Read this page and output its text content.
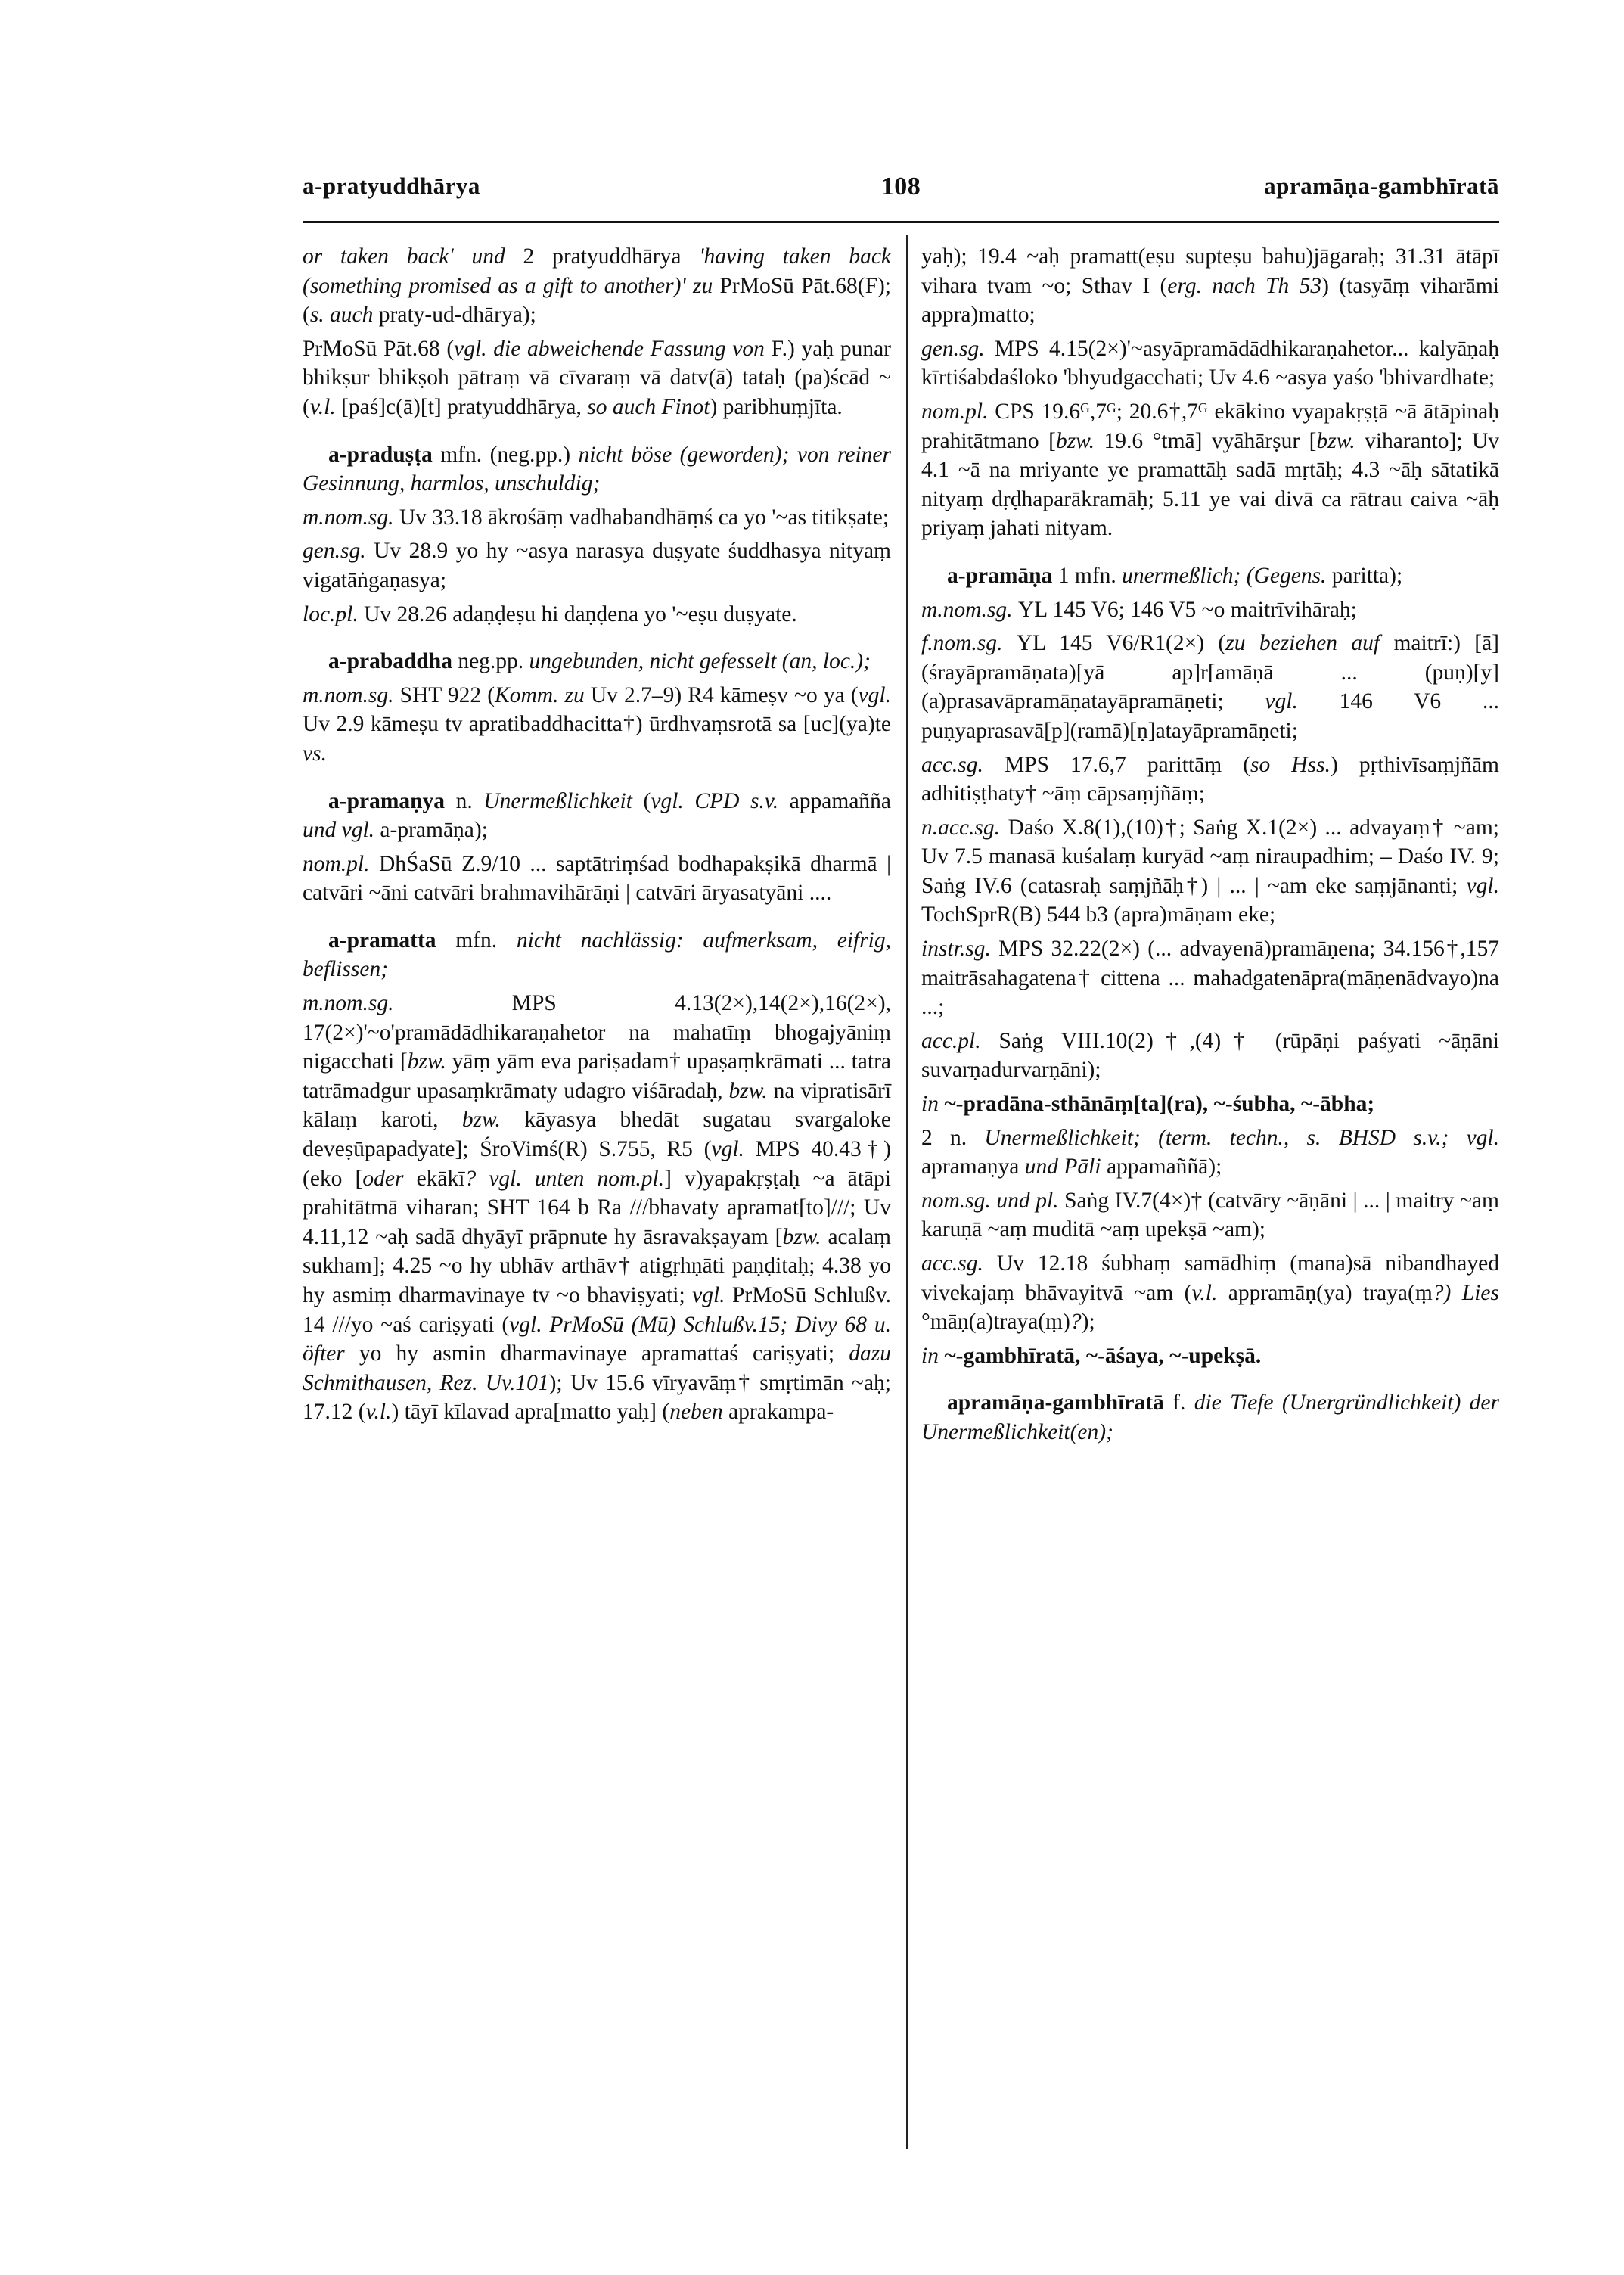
a-pratyuddhārya	108	apramāṇa-gambhīratā

or taken back' und 2 pratyuddhārya 'having taken back (something promised as a gift to another)' zu PrMoSū Pāt.68(F); (s. auch praty-ud-dhārya);

PrMoSū Pāt.68 (vgl. die abweichende Fassung von F.) yaḥ punar bhikṣur bhikṣoh pātraṃ vā cīvaraṃ vā datv(ā) tataḥ (pa)ścād ~ (v.l. [paś]c(ā)[t] pratyuddhārya, so auch Finot) paribhuṃjīta.

a-praduṣṭa mfn. (neg.pp.) nicht böse (geworden); von reiner Gesinnung, harmlos, unschuldig;

m.nom.sg. Uv 33.18 ākrośāṃ vadhabandhāṃś ca yo '~as titikṣate;

gen.sg. Uv 28.9 yo hy ~asya narasya duṣyate śuddhasya nityaṃ vigatāṅgaṇasya;

loc.pl. Uv 28.26 adaṇḍeṣu hi daṇḍena yo '~eṣu duṣyate.

a-prabaddha neg.pp. ungebunden, nicht gefesselt (an, loc.);

m.nom.sg. SHT 922 (Komm. zu Uv 2.7–9) R4 kāmeṣv ~o ya (vgl. Uv 2.9 kāmeṣu tv apratibaddhacitta†) ūrdhvaṃsrotā sa [uc](ya)te vs.

a-pramaṇya n. Unermeßlichkeit (vgl. CPD s.v. appamañña und vgl. a-pramāṇa);

nom.pl. DhŚaSū Z.9/10 ... saptātriṃśad bodhapakṣikā dharmā | catvāri ~āni catvāri brahmavihārāṇi | catvāri āryasatyāni ....

a-pramatta mfn. nicht nachlässig: aufmerksam, eifrig, beflissen;

m.nom.sg. MPS 4.13(2×),14(2×),16(2×), 17(2×)'~o'pramādādhikaraṇahetor na mahatīṃ bhogajyāniṃ nigacchati [bzw. yāṃ yām eva pariṣadam† upaṣaṃkrāmati ... tatra tatrāmadgur upasaṃkrāmaty udagro viśāradaḥ, bzw. na vipratisārī kālaṃ karoti, bzw. kāyasya bhedāt sugatau svargaloke deveṣūpapadyate]; ŚroVimś(R) S.755, R5 (vgl. MPS 40.43†) (eko [oder ekākī? vgl. unten nom.pl.] v)yapakṛṣṭaḥ ~a ātāpi prahitātmā viharan; SHT 164 b Ra ///bhavaty apramat[to]///; Uv 4.11,12 ~aḥ sadā dhyāyī prāpnute hy āsravakṣayam [bzw. acalaṃ sukham]; 4.25 ~o hy ubhāv arthāv† atigṛhṇāti paṇḍitaḥ; 4.38 yo hy asmiṃ dharmavinaye tv ~o bhaviṣyati; vgl. PrMoSū Schlußv. 14 ///yo ~aś cariṣyati (vgl. PrMoSū (Mū) Schlußv.15; Divy 68 u. öfter yo hy asmin dharmavinaye apramattaś cariṣyati; dazu Schmithausen, Rez. Uv.101); Uv 15.6 vīryavāṃ† smṛtimān ~aḥ; 17.12 (v.l.) tāyī kīlavad apra[matto yaḥ] (neben aprakampa-

yaḥ); 19.4 ~aḥ pramatt(eṣu supteṣu bahu)jāgaraḥ; 31.31 ātāpī vihara tvam ~o; Sthav I (erg. nach Th 53) (tasyāṃ viharāmi appra)matto;

gen.sg. MPS 4.15(2×)'~asyāpramādādhikaraṇahetor... kalyāṇaḥ kīrtiśabdaśloko 'bhyudgacchati; Uv 4.6 ~asya yaśo 'bhivardhate;

nom.pl. CPS 19.6ᴳ,7ᴳ; 20.6†,7ᴳ ekākino vyapakṛṣṭā ~ā ātāpinaḥ prahitātmano [bzw. 19.6 °tmā] vyāhārṣur [bzw. viharanto]; Uv 4.1 ~ā na mriyante ye pramattāḥ sadā mṛtāḥ; 4.3 ~āḥ sātatikā nityaṃ dṛḍhaparākramāḥ; 5.11 ye vai divā ca rātrau caiva ~āḥ priyaṃ jahati nityam.

a-pramāṇa 1 mfn. unermeßlich; (Gegens. paritta);

m.nom.sg. YL 145 V6; 146 V5 ~o maitrīvihāraḥ;

f.nom.sg. YL 145 V6/R1(2×) (zu beziehen auf maitrī:) [ā](śrayāpramāṇata)[yā ap]r[amāṇā ... (puṇ)[y](a)prasavāpramāṇatayāpramāṇeti; vgl. 146 V6 ... puṇyaprasavā[p](ramā)[ṇ]atayāpramāṇeti;

acc.sg. MPS 17.6,7 parittāṃ (so Hss.) pṛthivīsaṃjñām adhitiṣṭhaty† ~āṃ cāpsaṃjñāṃ;

n.acc.sg. Daśo X.8(1),(10)†; Saṅg X.1(2×) ... advayaṃ† ~am; Uv 7.5 manasā kuśalaṃ kuryād ~aṃ niraupadhim; – Daśo IV. 9; Saṅg IV.6 (catasraḥ saṃjñāḥ†) | ... | ~am eke saṃjānanti; vgl. TochSprR(B) 544 b3 (apra)māṇam eke;

instr.sg. MPS 32.22(2×) (... advayenā)pramāṇena; 34.156†,157 maitrāsahagatena† cittena ... mahadgatenāpra(māṇenādvayo)na ...;

acc.pl. Saṅg VIII.10(2)†,(4)† (rūpāṇi paśyati ~āṇāni suvarṇadurvarṇāni);

in ~-pradāna-sthānāṃ[ta](ra), ~-śubha, ~-ābha;

2 n. Unermeßlichkeit; (term. techn., s. BHSD s.v.; vgl. apramaṇya und Pāli appamaññā);

nom.sg. und pl. Saṅg IV.7(4×)† (catvāry ~āṇāni | ... | maitry ~aṃ karuṇā ~aṃ muditā ~aṃ upekṣā ~am);

acc.sg. Uv 12.18 śubhaṃ samādhiṃ (mana)sā nibandhayed vivekajaṃ bhāvayitvā ~am (v.l. appramāṇ(ya) traya(ṃ?) Lies °māṇ(a)traya(ṃ)?);

in ~-gambhīratā, ~-āśaya, ~-upekṣā.

apramāṇa-gambhīratā f. die Tiefe (Unergründlichkeit) der Unermeßlichkeit(en);
